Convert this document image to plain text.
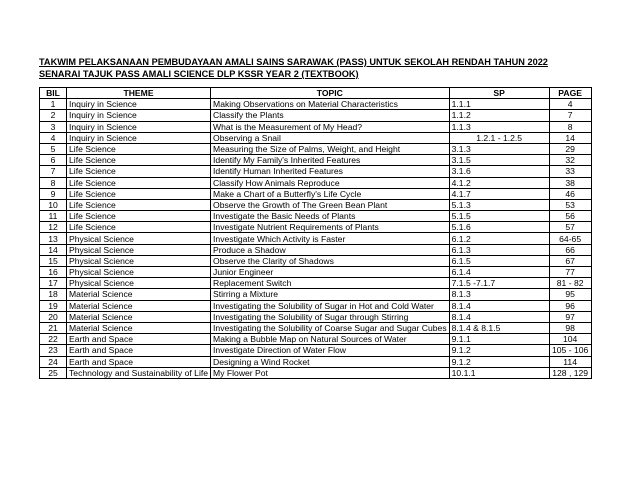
TAKWIM PELAKSANAAN PEMBUDAYAAN AMALI SAINS SARAWAK (PASS) UNTUK SEKOLAH RENDAH TAHUN 2022
SENARAI TAJUK PASS AMALI SCIENCE DLP KSSR YEAR 2 (TEXTBOOK)
BIL	THEME	TOPIC	SP	PAGE
1	Inquiry in Science	Making Observations on Material Characteristics	1.1.1	4
2	Inquiry in Science	Classify the Plants	1.1.2	7
3	Inquiry in Science	What is the Measurement of My Head?	1.1.3	8
4	Inquiry in Science	Observing a Snail	1.2.1 - 1.2.5	14
5	Life Science	Measuring the Size of Palms, Weight, and Height	3.1.3	29
6	Life Science	Identify My Family's Inherited Features	3.1.5	32
7	Life Science	Identify Human Inherited Features	3.1.6	33
8	Life Science	Classify How Animals Reproduce	4.1.2	38
9	Life Science	Make a Chart of a Butterfly's Life Cycle	4.1.7	46
10	Life Science	Observe the Growth of The Green Bean Plant	5.1.3	53
11	Life Science	Investigate the Basic Needs of Plants	5.1.5	56
12	Life Science	Investigate Nutrient Requirements of Plants	5.1.6	57
13	Physical Science	Investigate Which Activity is Faster	6.1.2	64-65
14	Physical Science	Produce a Shadow	6.1.3	66
15	Physical Science	Observe the Clarity of Shadows	6.1.5	67
16	Physical Science	Junior Engineer	6.1.4	77
17	Physical Science	Replacement Switch	7.1.5 -7.1.7	81 - 82
18	Material Science	Stirring a Mixture	8.1.3	95
19	Material Science	Investigating the Solubility of Sugar in Hot and Cold Water	8.1.4	96
20	Material Science	Investigating the Solubility of Sugar through Stirring	8.1.4	97
21	Material Science	Investigating the Solubility of Coarse Sugar and Sugar Cubes	8.1.4 & 8.1.5	98
22	Earth and Space	Making a Bubble Map on Natural Sources of Water	9.1.1	104
23	Earth and Space	Investigate Direction of Water Flow	9.1.2	105 - 106
24	Earth and Space	Designing a Wind Rocket	9.1.2	114
25	Technology and Sustainability of Life	My Flower Pot	10.1.1	128 , 129
